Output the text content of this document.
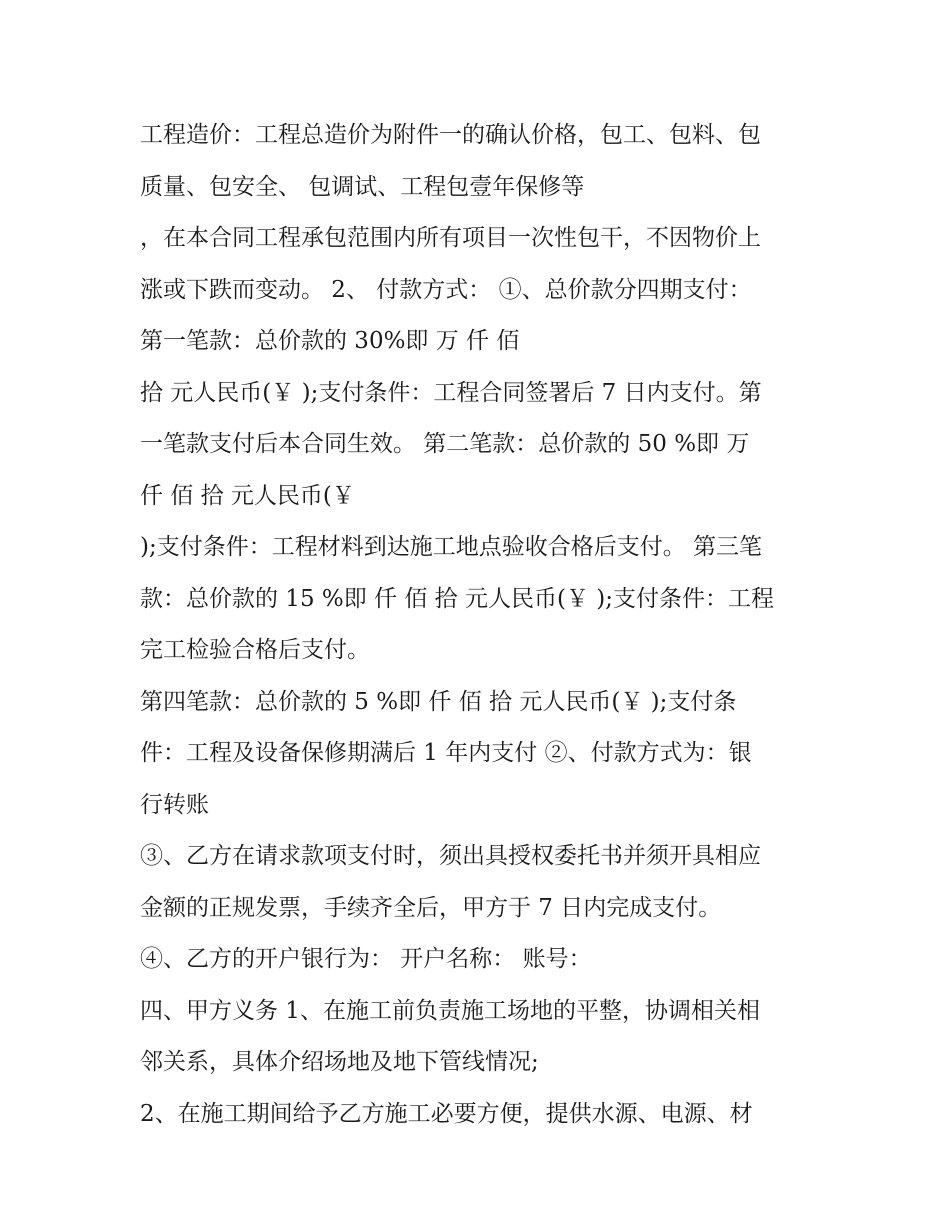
工程造价：工程总造价为附件一的确认价格，包工、包料、包
质量、包安全、 包调试、工程包壹年保修等
，在本合同工程承包范围内所有项目一次性包干，不因物价上
涨或下跌而变动。 2、 付款方式： ①、总价款分四期支付：
第一笔款：总价款的 30%即 万 仟 佰
拾 元人民币(￥ );支付条件：工程合同签署后 7 日内支付。第
一笔款支付后本合同生效。 第二笔款：总价款的 50 %即 万
仟 佰 拾 元人民币(￥
);支付条件：工程材料到达施工地点验收合格后支付。 第三笔
款：总价款的 15 %即 仟 佰 拾 元人民币(￥ );支付条件：工程
完工检验合格后支付。
第四笔款：总价款的 5 %即 仟 佰 拾 元人民币(￥ );支付条
件：工程及设备保修期满后 1 年内支付 ②、付款方式为：银
行转账
③、乙方在请求款项支付时，须出具授权委托书并须开具相应
金额的正规发票，手续齐全后，甲方于 7 日内完成支付。
④、乙方的开户银行为： 开户名称： 账号：
四、甲方义务 1、在施工前负责施工场地的平整，协调相关相
邻关系，具体介绍场地及地下管线情况;
2、在施工期间给予乙方施工必要方便，提供水源、电源、材
